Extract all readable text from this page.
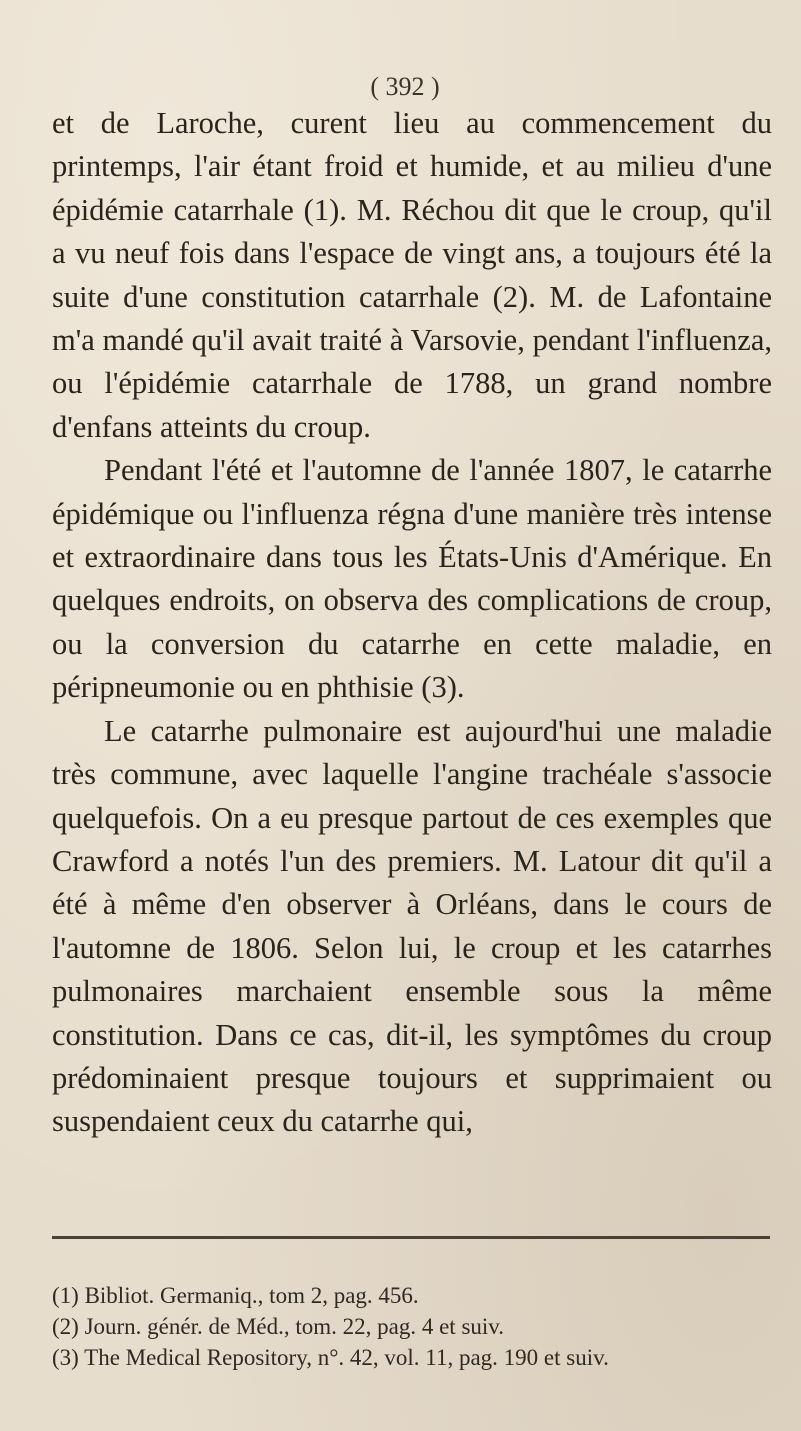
( 392 )

et de Laroche, curent lieu au commencement du printemps, l'air étant froid et humide, et au milieu d'une épidémie catarrhale (1). M. Réchou dit que le croup, qu'il a vu neuf fois dans l'espace de vingt ans, a toujours été la suite d'une constitution catarrhale (2). M. de Lafontaine m'a mandé qu'il avait traité à Varsovie, pendant l'influenza, ou l'épidémie catarrhale de 1788, un grand nombre d'enfans atteints du croup.

Pendant l'été et l'automne de l'année 1807, le catarrhe épidémique ou l'influenza régna d'une manière très intense et extraordinaire dans tous les États-Unis d'Amérique. En quelques endroits, on observa des complications de croup, ou la conversion du catarrhe en cette maladie, en péripneumonie ou en phthisie (3).

Le catarrhe pulmonaire est aujourd'hui une maladie très commune, avec laquelle l'angine trachéale s'associe quelquefois. On a eu presque partout de ces exemples que Crawford a notés l'un des premiers. M. Latour dit qu'il a été à même d'en observer à Orléans, dans le cours de l'automne de 1806. Selon lui, le croup et les catarrhes pulmonaires marchaient ensemble sous la même constitution. Dans ce cas, dit-il, les symptômes du croup prédominaient presque toujours et supprimaient ou suspendaient ceux du catarrhe qui,

(1) Bibliot. Germaniq., tom 2, pag. 456.

(2) Journ. génér. de Méd., tom. 22, pag. 4 et suiv.

(3) The Medical Repository, n°. 42, vol. 11, pag. 190 et suiv.
